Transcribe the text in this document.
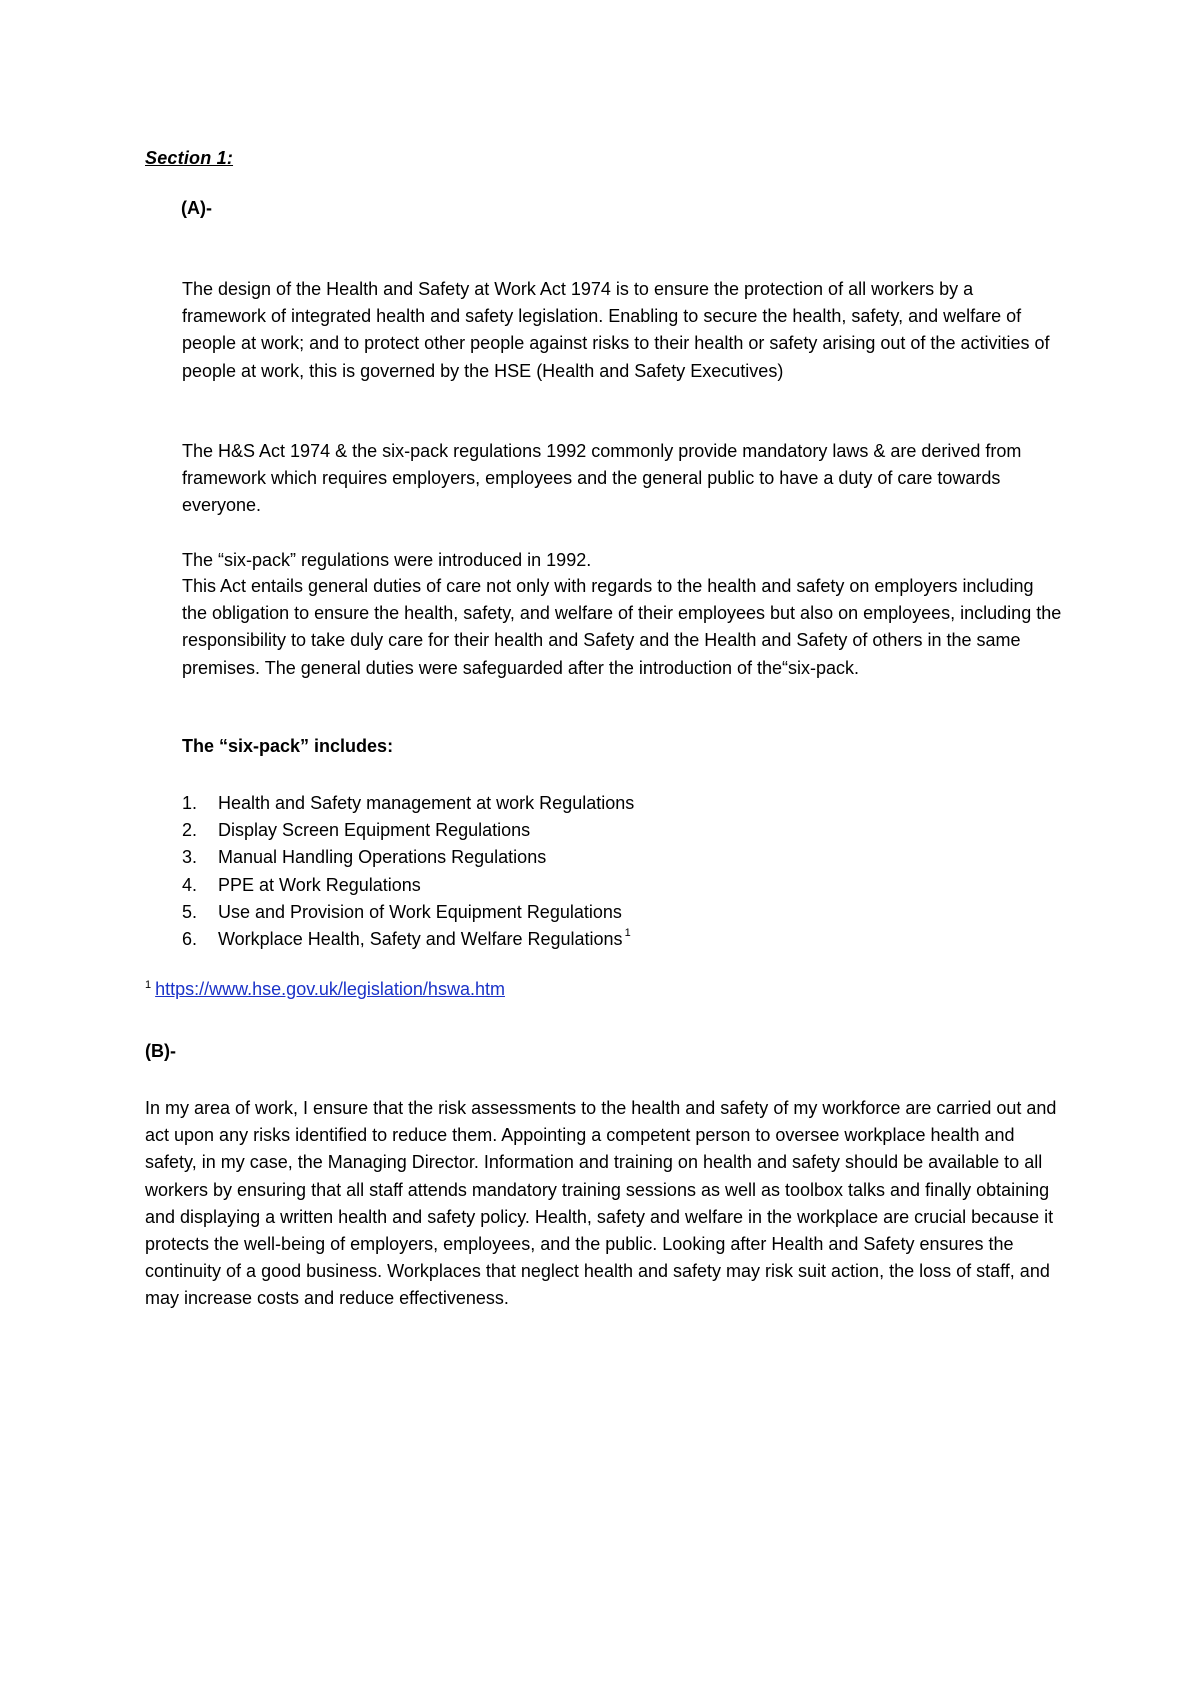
Section 1:
(A)-

The design of the Health and Safety at Work Act 1974 is to ensure the protection of all workers by a framework of integrated health and safety legislation. Enabling to secure the health, safety, and welfare of people at work; and to protect other people against risks to their health or safety arising out of the activities of people at work, this is governed by the HSE (Health and Safety Executives)

The H&S Act 1974 & the six-pack regulations 1992 commonly provide mandatory laws & are derived from framework which requires employers, employees and the general public to have a duty of care towards everyone.

The “six-pack” regulations were introduced in 1992.

This Act entails general duties of care not only with regards to the health and safety on employers including the obligation to ensure the health, safety, and welfare of their employees but also on employees, including the responsibility to take duly care for their health and Safety and the Health and Safety of others in the same premises. The general duties were safeguarded after the introduction of the“six-pack.

The “six-pack” includes:
1.	Health and Safety management at work Regulations
2.	Display Screen Equipment Regulations
3.	Manual Handling Operations Regulations
4.	PPE at Work Regulations
5.	Use and Provision of Work Equipment Regulations
6.	Workplace Health, Safety and Welfare Regulations $^1$
$^1$ https://www.hse.gov.uk/legislation/hswa.htm
(B)-

In my area of work, I ensure that the risk assessments to the health and safety of my workforce are carried out and act upon any risks identified to reduce them. Appointing a competent person to oversee workplace health and safety, in my case, the Managing Director. Information and training on health and safety should be available to all workers by ensuring that all staff attends mandatory training sessions as well as toolbox talks and finally obtaining and displaying a written health and safety policy. Health, safety and welfare in the workplace are crucial because it protects the well-being of employers, employees, and the public. Looking after Health and Safety ensures the continuity of a good business. Workplaces that neglect health and safety may risk suit action, the loss of staff, and may increase costs and reduce effectiveness.
